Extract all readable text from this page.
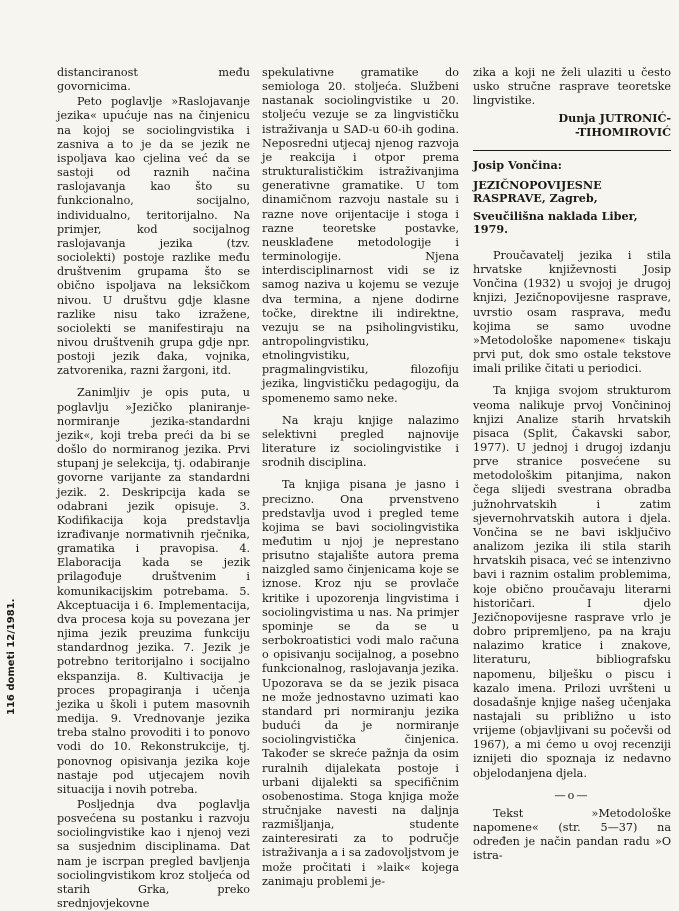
116 dometi 12/1981.

distanciranost među govornicima.

Peto poglavlje »Raslojavanje jezika« upućuje nas na činjenicu na kojoj se sociolingvistika i zasniva a to je da se jezik ne ispoljava kao cjelina već da se sastoji od raznih načina raslojavanja kao što su funkcionalno, socijalno, individualno, teritorijalno. Na primjer, kod socijalnog raslojavanja jezika (tzv. sociolekti) postoje razlike među društvenim grupama što se obično ispoljava na leksičkom nivou. U društvu gdje klasne razlike nisu tako izražene, sociolekti se manifestiraju na nivou društvenih grupa gdje npr. postoji jezik đaka, vojnika, zatvorenika, razni žargoni, itd.

Zanimljiv je opis puta, u poglavlju »Jezičko planiranje-normiranje jezika-standardni jezik«, koji treba preći da bi se došlo do normiranog jezika. Prvi stupanj je selekcija, tj. odabiranje govorne varijante za standardni jezik. 2. Deskripcija kada se odabrani jezik opisuje. 3. Kodifikacija koja predstavlja izrađivanje normativnih rječnika, gramatika i pravopisa. 4. Elaboracija kada se jezik prilagođuje društvenim i komunikacijskim potrebama. 5. Akceptuacija i 6. Implementacija, dva procesa koja su povezana jer njima jezik preuzima funkciju standardnog jezika. 7. Jezik je potrebno teritorijalno i socijalno ekspanzija. 8. Kultivacija je proces propagiranja i učenja jezika u školi i putem masovnih medija. 9. Vrednovanje jezika treba stalno provoditi i to ponovo vodi do 10. Rekonstrukcije, tj. ponovnog opisivanja jezika koje nastaje pod utjecajem novih situacija i novih potreba.

Posljednja dva poglavlja posvećena su postanku i razvoju sociolingvistike kao i njenoj vezi sa susjednim disciplinama. Dat nam je iscrpan pregled bavljenja sociolingvistikom kroz stoljeća od starih Grka, preko srednjovjekovne

spekulativne gramatike do semiologa 20. stoljeća. Službeni nastanak sociolingvistike u 20. stoljeću vezuje se za lingvističku istraživanja u SAD-u 60-ih godina. Neposredni utjecaj njenog razvoja je reakcija i otpor prema strukturalističkim istraživanjima generativne gramatike. U tom dinamičnom razvoju nastale su i razne nove orijentacije i stoga i razne teoretske postavke, neusklađene metodologije i terminologije. Njena interdisciplinarnost vidi se iz samog naziva u kojemu se vezuje dva termina, a njene dodirne točke, direktne ili indirektne, vezuju se na psiholingvistiku, antropolingvistiku, etnolingvistiku, pragmalingvistiku, filozofiju jezika, lingvističku pedagogiju, da spomenemo samo neke.

Na kraju knjige nalazimo selektivni pregled najnovije literature iz sociolingvistike i srodnih disciplina.

Ta knjiga pisana je jasno i precizno. Ona prvenstveno predstavlja uvod i pregled teme kojima se bavi sociolingvistika međutim u njoj je neprestano prisutno stajalište autora prema naizgled samo činjenicama koje se iznose. Kroz nju se provlače kritike i upozorenja lingvistima i sociolingvistima u nas. Na primjer spominje se da se u serbokroatistici vodi malo računa o opisivanju socijalnog, a posebno funkcionalnog, raslojavanja jezika. Upozorava se da se jezik pisaca ne može jednostavno uzimati kao standard pri normiranju jezika budući da je normiranje sociolingvistička činjenica. Također se skreće pažnja da osim ruralnih dijalekata postoje i urbani dijalekti sa specifičnim osobenostima. Stoga knjiga može stručnjake navesti na daljnja razmišljanja, studente zainteresirati za to područje istraživanja a i sa zadovoljstvom je može pročitati i »laik« kojega zanimaju problemi je-

zika a koji ne želi ulaziti u često usko stručne rasprave teoretske lingvistike.

Dunja JUTRONIĆ-
-TIHOMIROVIĆ
Josip Vončina:
JEZIČNOPOVIJESNE
RASPRAVE, Zagreb,
Sveučilišna naklada Liber,
1979.

Proučavatelj jezika i stila hrvatske književnosti Josip Vončina (1932) u svojoj je drugoj knjizi, Jezičnopovijesne rasprave, uvrstio osam rasprava, među kojima se samo uvodne »Metodološke napomene« tiskaju prvi put, dok smo ostale tekstove imali prilike čitati u periodici.

Ta knjiga svojom strukturom veoma nalikuje prvoj Vončininoj knjizi Analize starih hrvatskih pisaca (Split, Čakavski sabor, 1977). U jednoj i drugoj izdanju prve stranice posvećene su metodološkim pitanjima, nakon čega slijedi svestrana obradba južnohrvatskih i zatim sjevernohrvatskih autora i djela. Vončina se ne bavi isključivo analizom jezika ili stila starih hrvatskih pisaca, već se intenzivno bavi i raznim ostalim problemima, koje obično proučavaju literarni historičari. I djelo Jezičnopovijesne rasprave vrlo je dobro pripremljeno, pa na kraju nalazimo kratice i znakove, literaturu, bibliografsku napomenu, bilješku o piscu i kazalo imena. Prilozi uvršteni u dosadašnje knjige našeg učenjaka nastajali su približno u isto vrijeme (objavljivani su počevši od 1967), a mi ćemo u ovoj recenziji iznijeti dio spoznaja iz nedavno objelodanjena djela.

—o—

Tekst »Metodološke napomene« (str. 5—37) na određen je način pandan radu »O istra-
